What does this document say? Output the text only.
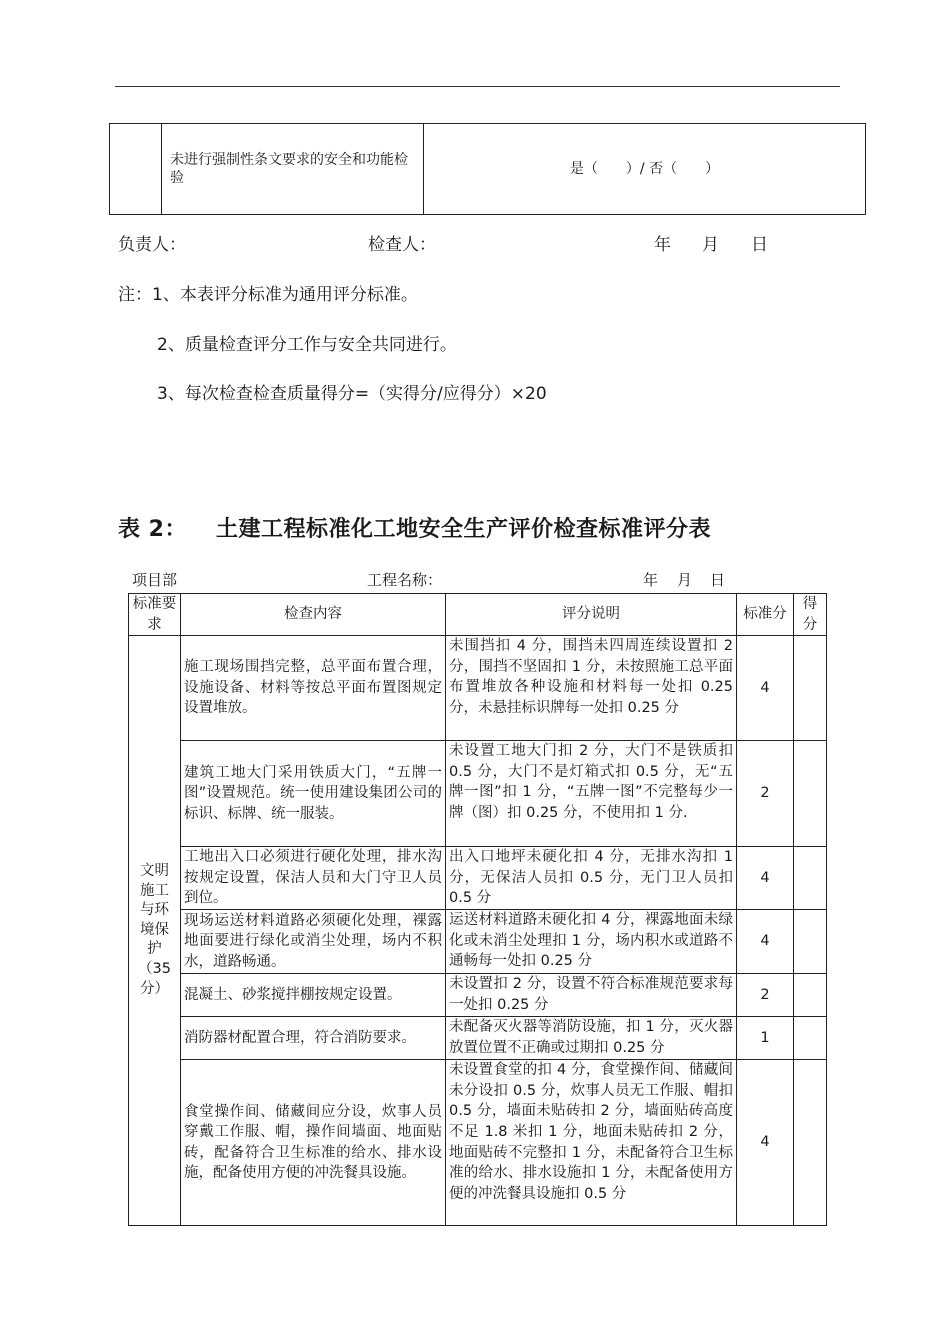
	未进行强制性条文要求的安全和功能检验	是（　　）/ 否（　　）
负责人：	检查人：	年 月 日
注：1、本表评分标准为通用评分标准。
2、质量检查评分工作与安全共同进行。
3、每次检查检查质量得分=（实得分/应得分）×20
表 2： 土建工程标准化工地安全生产评价检查标准评分表
项目部	工程名称：	年 月 日
标准要求	检查内容	评分说明	标准分	得分
文明施工与环境保护（35分）	施工现场围挡完整，总平面布置合理，设施设备、材料等按总平面布置图规定设置堆放。	未围挡扣 4 分，围挡未四周连续设置扣 2 分，围挡不坚固扣 1 分，未按照施工总平面布置堆放各种设施和材料每一处扣 0.25 分，未悬挂标识牌每一处扣 0.25 分	4	
	建筑工地大门采用铁质大门，“五牌一图”设置规范。统一使用建设集团公司的标识、标牌、统一服装。	未设置工地大门扣 2 分，大门不是铁质扣 0.5 分，大门不是灯箱式扣 0.5 分，无“五牌一图”扣 1 分，“五牌一图”不完整每少一牌（图）扣 0.25 分，不使用扣 1 分.	2	
	工地出入口必须进行硬化处理，排水沟按规定设置，保洁人员和大门守卫人员到位。	出入口地坪未硬化扣 4 分，无排水沟扣 1 分，无保洁人员扣 0.5 分，无门卫人员扣 0.5 分	4	
	现场运送材料道路必须硬化处理，裸露地面要进行绿化或消尘处理，场内不积水，道路畅通。	运送材料道路未硬化扣 4 分，裸露地面未绿化或未消尘处理扣 1 分，场内积水或道路不通畅每一处扣 0.25 分	4	
	混凝土、砂浆搅拌棚按规定设置。	未设置扣 2 分，设置不符合标准规范要求每一处扣 0.25 分	2	
	消防器材配置合理，符合消防要求。	未配备灭火器等消防设施，扣 1 分，灭火器放置位置不正确或过期扣 0.25 分	1	
	食堂操作间、储藏间应分设，炊事人员穿戴工作服、帽，操作间墙面、地面贴砖，配备符合卫生标准的给水、排水设施，配备使用方便的冲洗餐具设施。	未设置食堂的扣 4 分，食堂操作间、储藏间未分设扣 0.5 分，炊事人员无工作服、帽扣 0.5 分，墙面未贴砖扣 2 分，墙面贴砖高度不足 1.8 米扣 1 分，地面未贴砖扣 2 分，地面贴砖不完整扣 1 分，未配备符合卫生标准的给水、排水设施扣 1 分，未配备使用方便的冲洗餐具设施扣 0.5 分	4	
